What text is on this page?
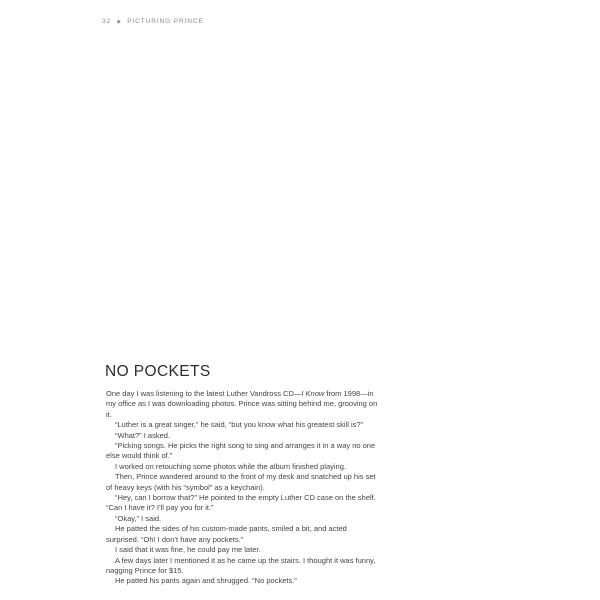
32 ◆ PICTURING PRINCE
NO POCKETS

One day I was listening to the latest Luther Vandross CD—I Know from 1998—in my office as I was downloading photos. Prince was sitting behind me, grooving on it.

“Luther is a great singer,” he said, “but you know what his greatest skill is?”

“What?” I asked.

“Picking songs. He picks the right song to sing and arranges it in a way no one else would think of.”

I worked on retouching some photos while the album finished playing.

Then, Prince wandered around to the front of my desk and snatched up his set of heavy keys (with his “symbol” as a keychain).

“Hey, can I borrow that?” He pointed to the empty Luther CD case on the shelf. “Can I have it? I’ll pay you for it.”

“Okay,” I said.

He patted the sides of his custom-made pants, smiled a bit, and acted surprised. “Oh! I don’t have any pockets.”

I said that it was fine, he could pay me later.

A few days later I mentioned it as he came up the stairs. I thought it was funny, nagging Prince for $15.

He patted his pants again and shrugged. “No pockets.”
